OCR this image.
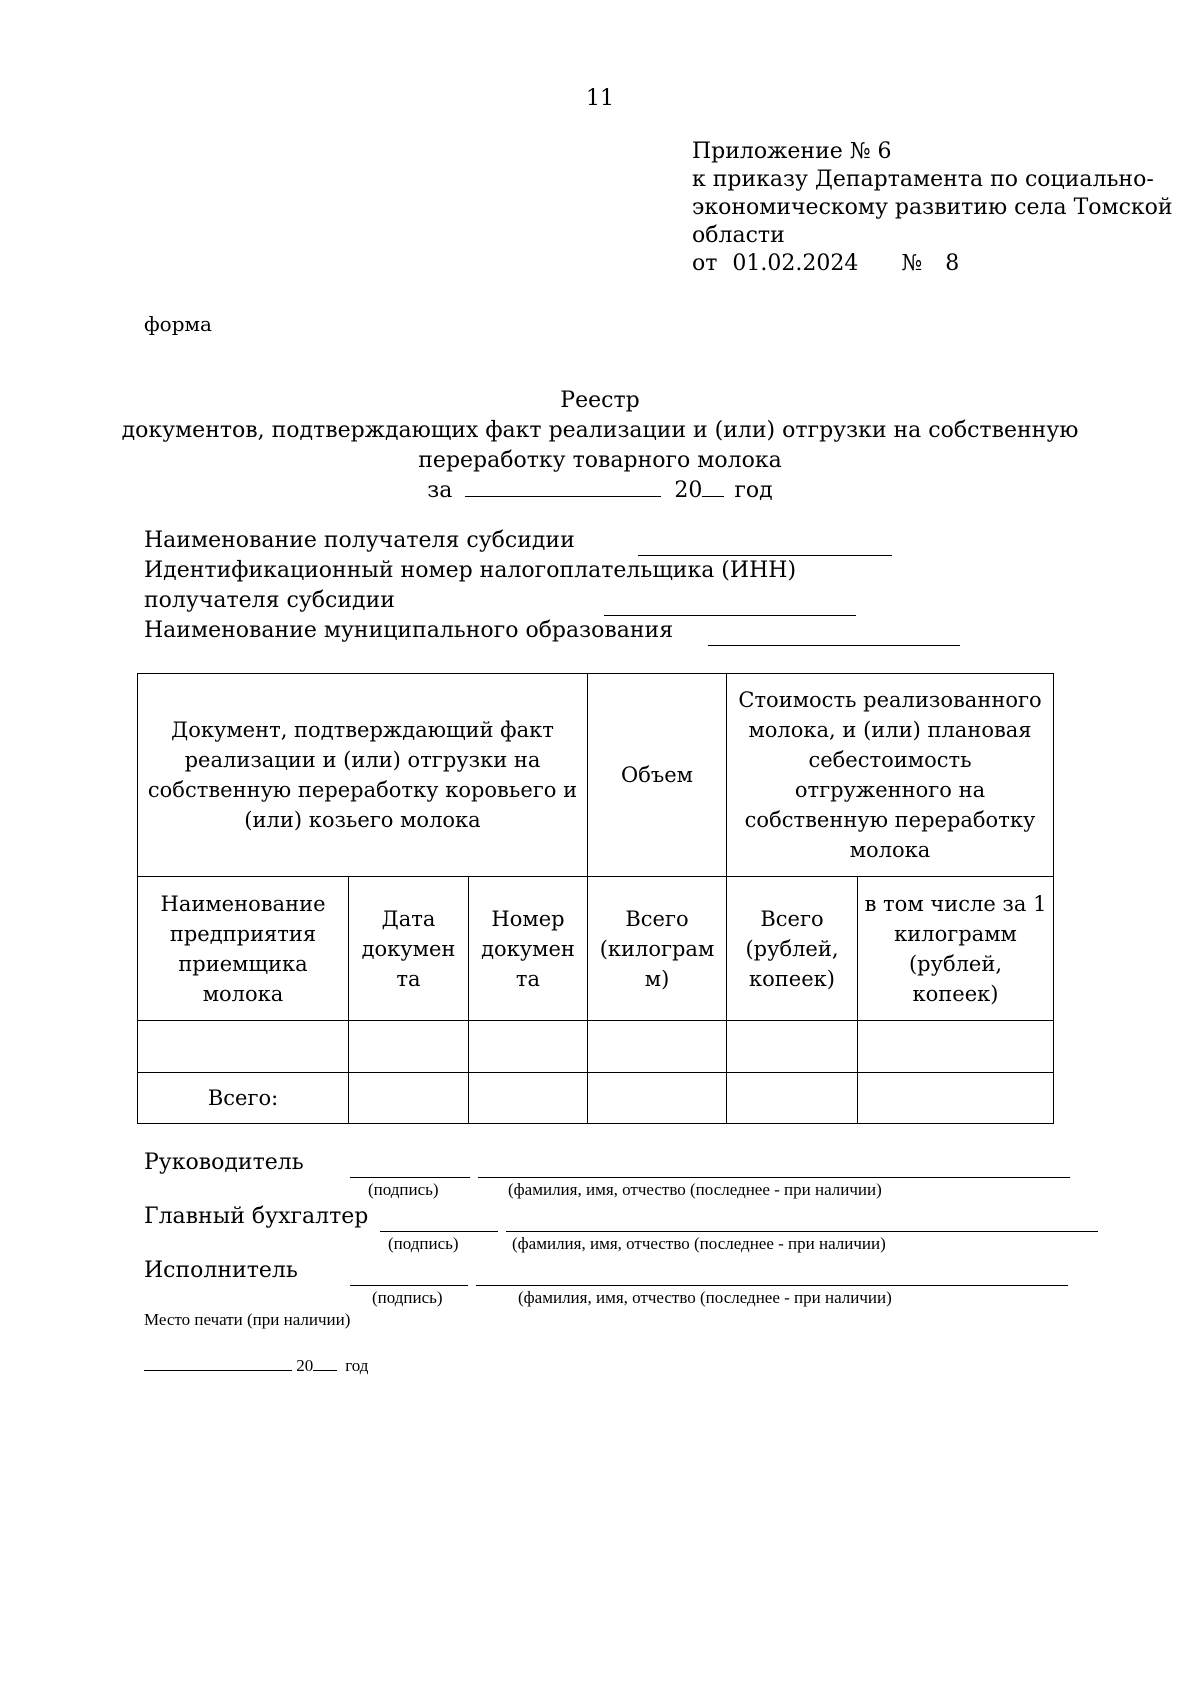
11
Приложение № 6
к приказу Департамента по социально-
экономическому развитию села Томской
области
от 01.02.2024 № 8
форма
Реестр
документов, подтверждающих факт реализации и (или) отгрузки на собственную
переработку товарного молока
за	20 год
Наименование получателя субсидии
Идентификационный номер налогоплательщика (ИНН)
получателя субсидии
Наименование муниципального образования
Документ, подтверждающий факт реализации и (или) отгрузки на собственную переработку коровьего и (или) козьего молока			Объем	Стоимость реализованного молока, и (или) плановая себестоимость отгруженного на собственную переработку молока	
Наименование предприятия приемщика молока	Дата докумен та	Номер докумен та	Всего (килограм м)	Всего (рублей, копеек)	в том числе за 1 килограмм (рублей, копеек)

Всего:					
Руководитель
(подпись)	(фамилия, имя, отчество (последнее - при наличии)
Главный бухгалтер
(подпись)	(фамилия, имя, отчество (последнее - при наличии)
Исполнитель
(подпись)	(фамилия, имя, отчество (последнее - при наличии)
Место печати (при наличии)
20 год
